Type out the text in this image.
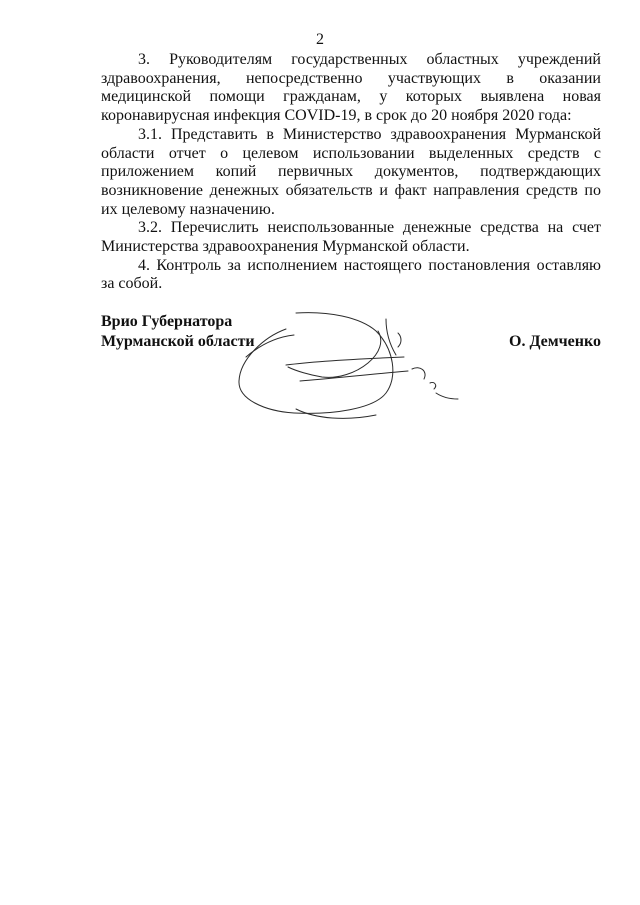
2

3. Руководителям государственных областных учреждений здравоохранения, непосредственно участвующих в оказании медицинской помощи гражданам, у которых выявлена новая коронавирусная инфекция COVID-19, в срок до 20 ноября 2020 года:

3.1. Представить в Министерство здравоохранения Мурманской области отчет о целевом использовании выделенных средств с приложением копий первичных документов, подтверждающих возникновение денежных обязательств и факт направления средств по их целевому назначению.

3.2. Перечислить неиспользованные денежные средства на счет Министерства здравоохранения Мурманской области.

4. Контроль за исполнением настоящего постановления оставляю за собой.

Врио Губернатора
Мурманской области	О. Демченко
